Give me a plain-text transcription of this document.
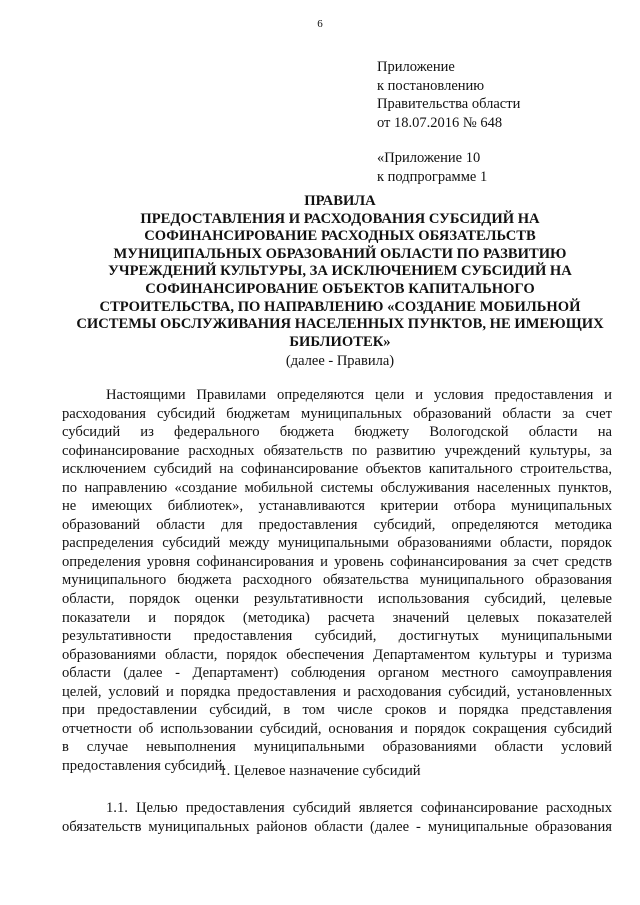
6
Приложение
к постановлению
Правительства области
от 18.07.2016 № 648
«Приложение 10
к подпрограмме 1
ПРАВИЛА
ПРЕДОСТАВЛЕНИЯ И РАСХОДОВАНИЯ СУБСИДИЙ НА
СОФИНАНСИРОВАНИЕ РАСХОДНЫХ ОБЯЗАТЕЛЬСТВ
МУНИЦИПАЛЬНЫХ ОБРАЗОВАНИЙ ОБЛАСТИ ПО РАЗВИТИЮ
УЧРЕЖДЕНИЙ КУЛЬТУРЫ, ЗА ИСКЛЮЧЕНИЕМ СУБСИДИЙ НА
СОФИНАНСИРОВАНИЕ ОБЪЕКТОВ КАПИТАЛЬНОГО
СТРОИТЕЛЬСТВА, ПО НАПРАВЛЕНИЮ «СОЗДАНИЕ МОБИЛЬНОЙ
СИСТЕМЫ ОБСЛУЖИВАНИЯ НАСЕЛЕННЫХ ПУНКТОВ, НЕ ИМЕЮЩИХ
БИБЛИОТЕК»
(далее - Правила)
Настоящими Правилами определяются цели и условия предоставления и
расходования субсидий бюджетам муниципальных образований области за счет
субсидий из федерального бюджета бюджету Вологодской области на
софинансирование расходных обязательств по развитию учреждений культуры, за
исключением субсидий на софинансирование объектов капитального строительства,
по направлению «создание мобильной системы обслуживания населенных пунктов,
не имеющих библиотек», устанавливаются критерии отбора муниципальных
образований области для предоставления субсидий, определяются методика
распределения субсидий между муниципальными образованиями области, порядок
определения уровня софинансирования и уровень софинансирования за счет средств
муниципального бюджета расходного обязательства муниципального образования
области, порядок оценки результативности использования субсидий, целевые
показатели и порядок (методика) расчета значений целевых показателей
результативности предоставления субсидий, достигнутых муниципальными
образованиями области, порядок обеспечения Департаментом культуры и туризма
области (далее - Департамент) соблюдения органом местного самоуправления
целей, условий и порядка предоставления и расходования субсидий, установленных
при предоставлении субсидий, в том числе сроков и порядка представления
отчетности об использовании субсидий, основания и порядок сокращения субсидий
в случае невыполнения муниципальными образованиями области условий
предоставления субсидий.
1. Целевое назначение субсидий
1.1. Целью предоставления субсидий является софинансирование расходных
обязательств муниципальных районов области (далее - муниципальные образования
